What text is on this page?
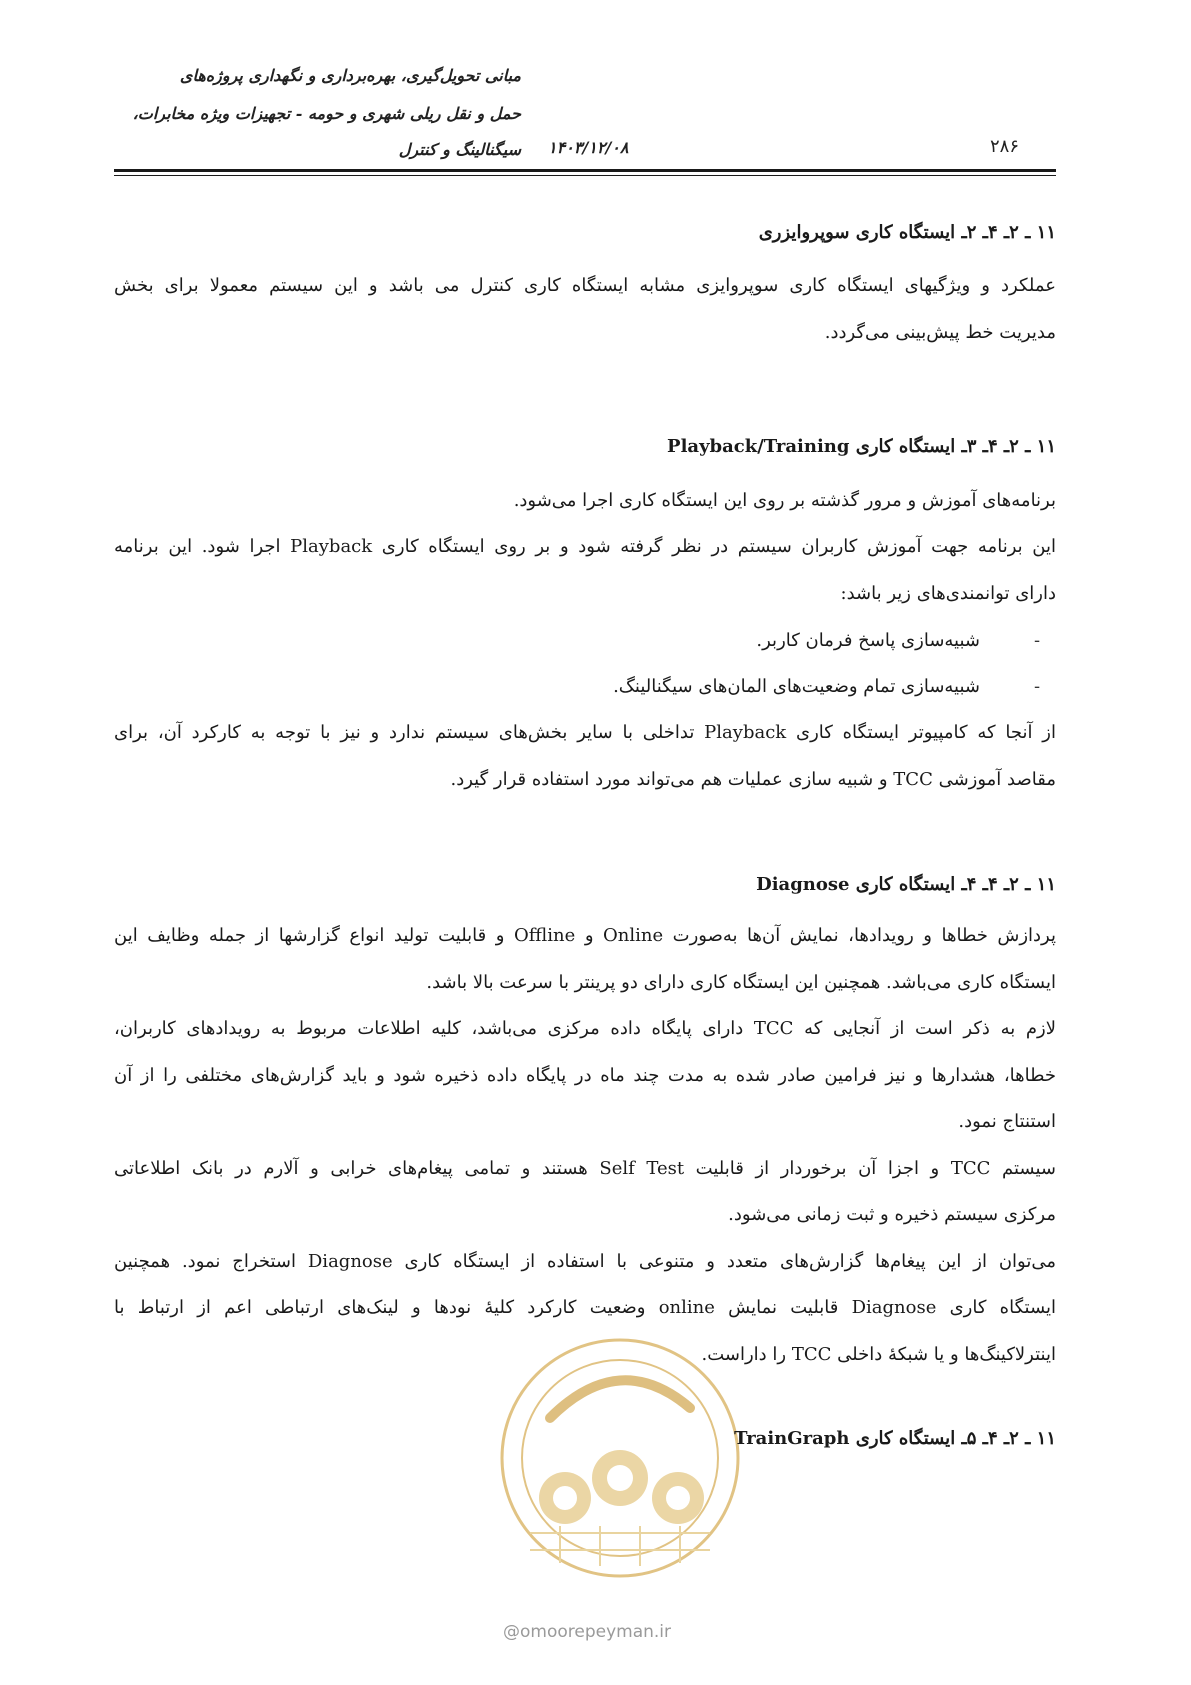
مبانی تحویل‌گیری، بهره‌برداری و نگهداری پروژه‌های
حمل و نقل ریلی شهری و حومه - تجهیزات ویژه مخابرات،
سیگنالینگ و کنترل ۱۴۰۳/۱۲/۰۸	۲۸۶
۱۱ ـ ۲ـ ۴ـ ۲ـ ایستگاه کاری سوپروایزری
عملکرد و ویژگیهای ایستگاه کاری سوپروایزی مشابه ایستگاه کاری کنترل می باشد و این سیستم معمولا برای بخش
مدیریت خط پیش‌بینی می‌گردد.
۱۱ ـ ۲ـ ۴ـ ۳ـ ایستگاه کاری Playback/Training
برنامه‌های آموزش و مرور گذشته بر روی این ایستگاه کاری اجرا می‌شود.
این برنامه جهت آموزش کاربران سیستم در نظر گرفته شود و بر روی ایستگاه کاری Playback اجرا شود. این برنامه
دارای توانمندی‌های زیر باشد:
-شبیه‌سازی پاسخ فرمان کاربر.
-شبیه‌سازی تمام وضعیت‌های المان‌های سیگنالینگ.
از آنجا که کامپیوتر ایستگاه کاری Playback تداخلی با سایر بخش‌های سیستم ندارد و نیز با توجه به کارکرد آن، برای
مقاصد آموزشی TCC و شبیه سازی عملیات هم می‌تواند مورد استفاده قرار گیرد.
۱۱ ـ ۲ـ ۴ـ ۴ـ ایستگاه کاری Diagnose
پردازش خطاها و رویدادها، نمایش آن‌ها به‌صورت Online و Offline و قابلیت تولید انواع گزارشها از جمله وظایف این
ایستگاه کاری می‌باشد. همچنین این ایستگاه کاری دارای دو پرینتر با سرعت بالا باشد.
لازم به ذکر است از آنجایی که TCC دارای پایگاه داده مرکزی می‌باشد، کلیه اطلاعات مربوط به رویدادهای کاربران،
خطاها، هشدارها و نیز فرامین صادر شده به مدت چند ماه در پایگاه داده ذخیره شود و باید گزارش‌های مختلفی را از آن
استنتاج نمود.
سیستم TCC و اجزا آن برخوردار از قابلیت Self Test هستند و تمامی پیغام‌های خرابی و آلارم در بانک اطلاعاتی
مرکزی سیستم ذخیره و ثبت زمانی می‌شود.
می‌توان از این پیغام‌ها گزارش‌های متعدد و متنوعی با استفاده از ایستگاه کاری Diagnose استخراج نمود. همچنین
ایستگاه کاری Diagnose قابلیت نمایش online وضعیت کارکرد کلیهٔ نودها و لینک‌های ارتباطی اعم از ارتباط با
اینترلاکینگ‌ها و یا شبکهٔ داخلی TCC را داراست.
۱۱ ـ ۲ـ ۴ـ ۵ـ ایستگاه کاری TrainGraph
@omoorepeyman.ir
